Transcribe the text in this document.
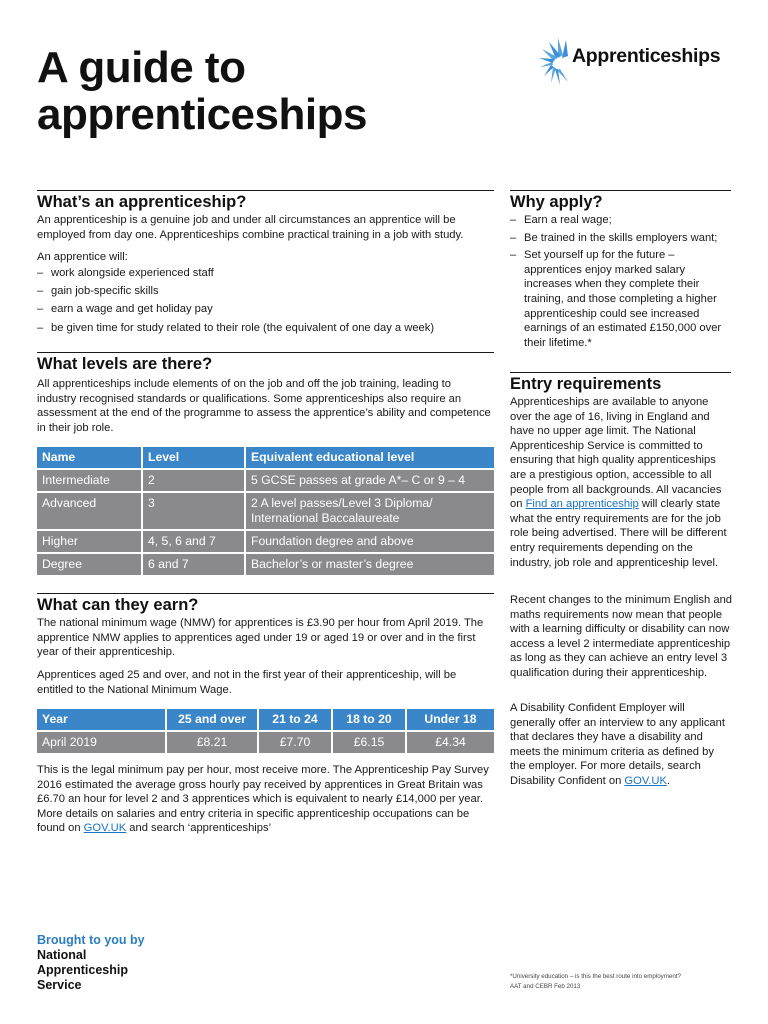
A guide to
apprenticeships
Apprenticeships
What’s an apprenticeship?

An apprenticeship is a genuine job and under all circumstances an apprentice will be employed from day one. Apprenticeships combine practical training in a job with study.

An apprentice will:

– work alongside experienced staff
– gain job-specific skills
– earn a wage and get holiday pay
– be given time for study related to their role (the equivalent of one day a week)
What levels are there?

All apprenticeships include elements of on the job and off the job training, leading to industry recognised standards or qualifications. Some apprenticeships also require an assessment at the end of the programme to assess the apprentice’s ability and competence in their job role.

Name	Level	Equivalent educational level
Intermediate	2	5 GCSE passes at grade A*– C or 9 – 4
Advanced	3	2 A level passes/Level 3 Diploma/ International Baccalaureate
Higher	4, 5, 6 and 7	Foundation degree and above
Degree	6 and 7	Bachelor’s or master’s degree
What can they earn?

The national minimum wage (NMW) for apprentices is £3.90 per hour from April 2019. The apprentice NMW applies to apprentices aged under 19 or aged 19 or over and in the first year of their apprenticeship.

Apprentices aged 25 and over, and not in the first year of their apprenticeship, will be entitled to the National Minimum Wage.

Year	25 and over	21 to 24	18 to 20	Under 18
April 2019	£8.21	£7.70	£6.15	£4.34

This is the legal minimum pay per hour, most receive more. The Apprenticeship Pay Survey 2016 estimated the average gross hourly pay received by apprentices in Great Britain was £6.70 an hour for level 2 and 3 apprentices which is equivalent to nearly £14,000 per year. More details on salaries and entry criteria in specific apprenticeship occupations can be found on GOV.UK and search ‘apprenticeships’

Why apply?
– Earn a real wage;
– Be trained in the skills employers want;
– Set yourself up for the future – apprentices enjoy marked salary increases when they complete their training, and those completing a higher apprenticeship could see increased earnings of an estimated £150,000 over their lifetime.*
Entry requirements

Apprenticeships are available to anyone over the age of 16, living in England and have no upper age limit. The National Apprenticeship Service is committed to ensuring that high quality apprenticeships are a prestigious option, accessible to all people from all backgrounds. All vacancies on Find an apprenticeship will clearly state what the entry requirements are for the job role being advertised. There will be different entry requirements depending on the industry, job role and apprenticeship level.

Recent changes to the minimum English and maths requirements now mean that people with a learning difficulty or disability can now access a level 2 intermediate apprenticeship as long as they can achieve an entry level 3 qualification during their apprenticeship.

A Disability Confident Employer will generally offer an interview to any applicant that declares they have a disability and meets the minimum criteria as defined by the employer. For more details, search Disability Confident on GOV.UK.

Brought to you by
National
Apprenticeship
Service
*University education – is this the best route into employment?
AAT and CEBR Feb 2013
